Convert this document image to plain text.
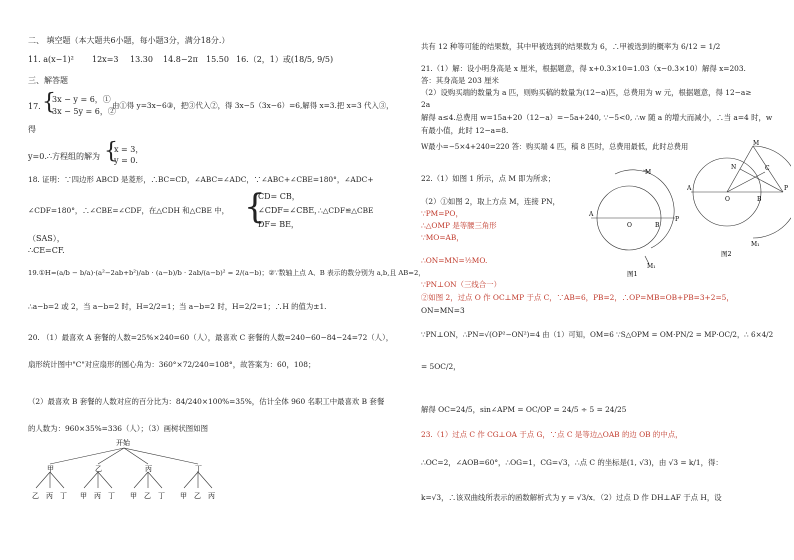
二、 填空题（本大题共6小题，每小题3分，满分18分.）
11. a(x−1)² 12x=3 13.30 14.8−2π 15.50 16.（2，1）或(18/5, 9/5)
三、解答题
17. {
3x − y = 6，①
3x − 5y = 6，②
由①得 y=3x−6③，把③代入②，得 3x−5（3x−6）=6,解得 x=3.把 x=3 代入③，
得
y=0.∴方程组的解为 {
x = 3，
y = 0.
18. 证明：∵四边形 ABCD 是菱形，∴BC=CD，∠ABC=∠ADC，∵∠ABC+∠CBE=180°，∠ADC+
∠CDF=180°，∴∠CBE=∠CDF，在△CDH 和△CBE 中， {
CD= CB，
∠CDF=∠CBE，
DF= BE，
∴△CDF≌△CBE
（SAS），
∴CE=CF.
19.①H=(a/b − b/a)·(a²−2ab+b²)/ab · (a−b)/b · 2ab/(a−b)² = 2/(a−b)；②∵数轴上点 A、B 表示的数分别为 a,b,且 AB=2，
∴a−b=2 或 2，当 a−b=2 时，H=2/2=1；当 a−b=2 时，H=2/2=1；∴H 的值为±1.
20. （1）最喜欢 A 套餐的人数=25%×240=60（人），最喜欢 C 套餐的人数=240−60−84−24=72（人），
扇形统计图中"C"对应扇形的圆心角为：360°×72/240=108°，故答案为：60，108；
（2）最喜欢 B 套餐的人数对应的百分比为：84/240×100%=35%，估计全体 960 名职工中最喜欢 B 套餐
的人数为：960×35%=336（人）；（3）画树状图如图
开始
甲	乙	丙	丁
乙 丙 丁 甲 丙 丁 甲 乙 丁 甲 乙 丙
共有 12 种等可能的结果数，其中甲被选到的结果数为 6，∴甲被选到的概率为 6/12 = 1/2
21.（1）解：设小明身高是 x 厘米，根据题意，得 x+0.3×10=1.03（x−0.3×10）解得 x=203.
答：其身高是 203 厘米
（2）设购买端的数量为 a 匹，则购买稿的数量为(12−a)匹，总费用为 w 元，根据题意，得 12−a≥
2a
解得 a≤4.总费用 w=15a+20（12−a）=−5a+240, ∵−5<0, ∴w 随 a 的增大而减小，∴当 a=4 时，w
有最小值，此时 12−a=8.
W最小=−5×4+240=220 答：购买端 4 匹，稿 8 匹时，总费用最低，此时总费用
22.（1）如图 1 所示，点 M 即为所求；
（2）①如图 2，取上方点 M，连接 PN，
∵PM=PO，
∴△OMP 是等腰三角形
∵MO=AB，
∴ON=MN=½MO.
∵PN⊥ON（三线合一）
②如图 2，过点 O 作 OC⊥MP 于点 C，∵AB=6，PB=2，∴OP=MB=OB+PB=3+2=5，
ON=MN=3
∵PN⊥ON，∴PN=√(OP²−ON²)=4 由（1）可知，OM=6 ∵S△OPM = OM·PN/2 = MP·OC/2，∴ 6×4/2
= 5OC/2，
解得 OC=24/5，sin∠APM = OC/OP = 24/5 ÷ 5 = 24/25
23.（1）过点 C 作 CG⊥OA 于点 G，∵点 C 是等边△OAB 的边 OB 的中点，
∴OC=2，∠AOB=60°，∴OG=1，CG=√3，∴点 C 的坐标是(1, √3)，由 √3 = k/1，得：
k=√3，∴该双曲线所表示的函数解析式为 y = √3/x．（2）过点 D 作 DH⊥AF 于点 H，设
M
A
O	B
P
M₁
图1
M
N	C
A
O	B
P
M₁
图2
